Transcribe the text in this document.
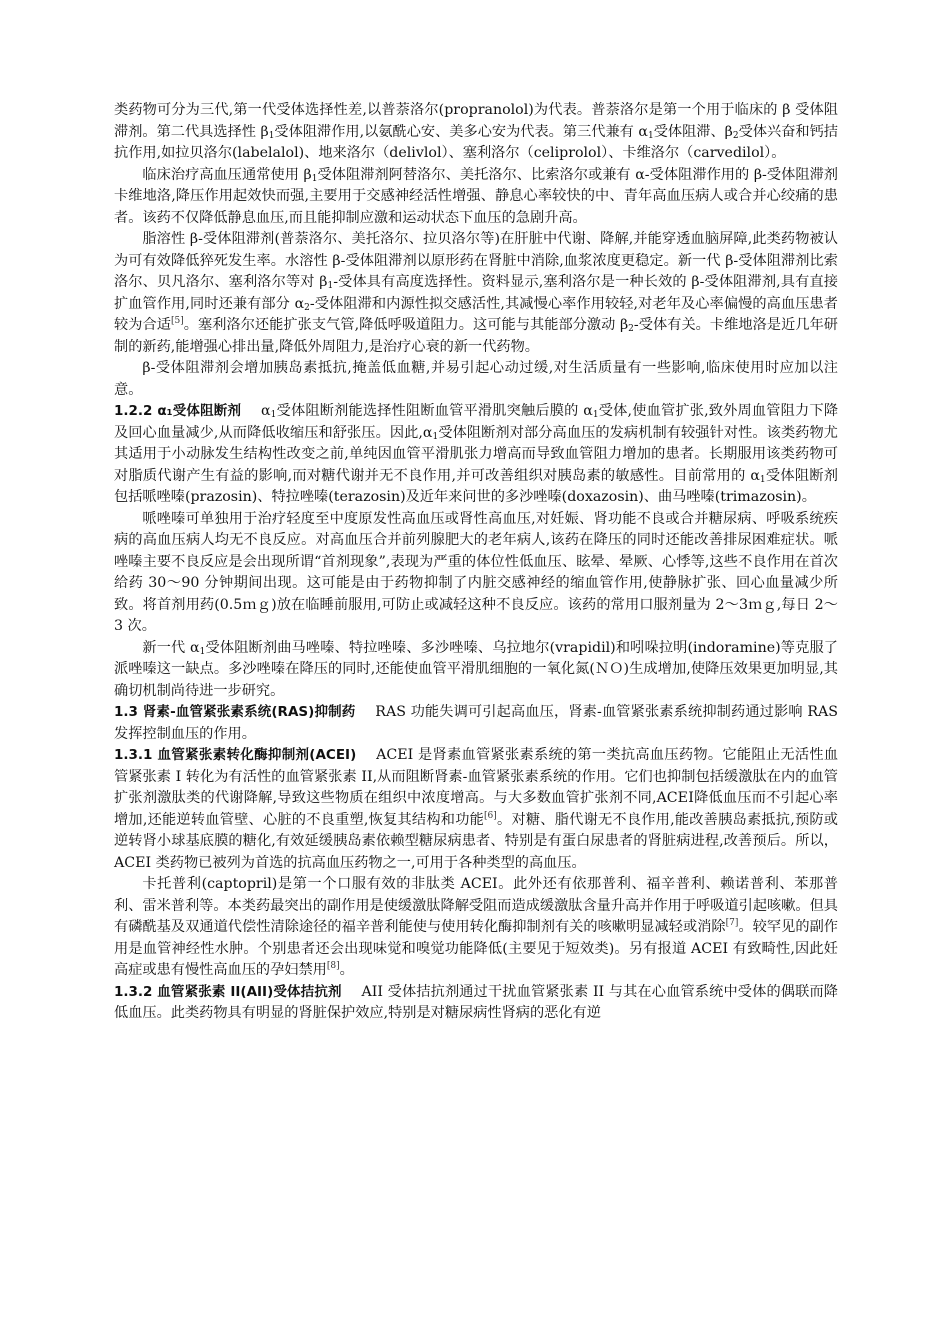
类药物可分为三代,第一代受体选择性差,以普萘洛尔(propranolol)为代表。普萘洛尔是第一个用于临床的 β 受体阻滞剂。第二代具选择性 $\beta_1$受体阻滞作用,以氨酰心安、美多心安为代表。第三代兼有 $\alpha_1$受体阻滞、$\beta_2$受体兴奋和钙拮抗作用,如拉贝洛尔(labelalol)、地来洛尔（delivlol）、塞利洛尔（celiprolol）、卡维洛尔（carvedilol）。

临床治疗高血压通常使用 $\beta_1$受体阻滞剂阿替洛尔、美托洛尔、比索洛尔或兼有 α-受体阻滞作用的 β-受体阻滞剂卡维地洛,降压作用起效快而强,主要用于交感神经活性增强、静息心率较快的中、青年高血压病人或合并心绞痛的患者。该药不仅降低静息血压,而且能抑制应激和运动状态下血压的急剧升高。

脂溶性 β-受体阻滞剂(普萘洛尔、美托洛尔、拉贝洛尔等)在肝脏中代谢、降解,并能穿透血脑屏障,此类药物被认为可有效降低猝死发生率。水溶性 β-受体阻滞剂以原形药在肾脏中消除,血浆浓度更稳定。新一代 β-受体阻滞剂比索洛尔、贝凡洛尔、塞利洛尔等对 $\beta_1-$受体具有高度选择性。资料显示,塞利洛尔是一种长效的 β-受体阻滞剂,具有直接扩血管作用,同时还兼有部分 $\alpha_2-$受体阻滞和内源性拟交感活性,其减慢心率作用较轻,对老年及心率偏慢的高血压患者较为合适[5]。塞利洛尔还能扩张支气管,降低呼吸道阻力。这可能与其能部分激动 $\beta_2-$受体有关。卡维地洛是近几年研制的新药,能增强心排出量,降低外周阻力,是治疗心衰的新一代药物。

β-受体阻滞剂会增加胰岛素抵抗,掩盖低血糖,并易引起心动过缓,对生活质量有一些影响,临床使用时应加以注意。

1.2.2 α₁受体阻断剂 $\alpha_1$受体阻断剂能选择性阻断血管平滑肌突触后膜的 $\alpha_1$受体,使血管扩张,致外周血管阻力下降及回心血量减少,从而降低收缩压和舒张压。因此$,\alpha_1$受体阻断剂对部分高血压的发病机制有较强针对性。该类药物尤其适用于小动脉发生结构性改变之前,单纯因血管平滑肌张力增高而导致血管阻力增加的患者。长期服用该类药物可对脂质代谢产生有益的影响,而对糖代谢并无不良作用,并可改善组织对胰岛素的敏感性。目前常用的 $\alpha_1$受体阻断剂包括哌唑嗪(prazosin)、特拉唑嗪(terazosin)及近年来问世的多沙唑嗪(doxazosin)、曲马唑嗪(trimazosin)。

哌唑嗪可单独用于治疗轻度至中度原发性高血压或肾性高血压,对妊娠、肾功能不良或合并糖尿病、呼吸系统疾病的高血压病人均无不良反应。对高血压合并前列腺肥大的老年病人,该药在降压的同时还能改善排尿困难症状。哌唑嗪主要不良反应是会出现所谓“首剂现象”,表现为严重的体位性低血压、眩晕、晕厥、心悸等,这些不良作用在首次给药 30～90 分钟期间出现。这可能是由于药物抑制了内脏交感神经的缩血管作用,使静脉扩张、回心血量减少所致。将首剂用药(0.5ｍｇ)放在临睡前服用,可防止或减轻这种不良反应。该药的常用口服剂量为 2～3ｍｇ,每日 2～3 次。

新一代 $\alpha_1$受体阻断剂曲马唑嗪、特拉唑嗪、多沙唑嗪、乌拉地尔(vrapidil)和吲哚拉明(indoramine)等克服了派唑嗪这一缺点。多沙唑嗪在降压的同时,还能使血管平滑肌细胞的一氧化氮(ＮＯ)生成增加,使降压效果更加明显,其确切机制尚待进一步研究。

1.3 肾素-血管紧张素系统(RAS)抑制药 RAS 功能失调可引起高血压，肾素-血管紧张素系统抑制药通过影响 RAS 发挥控制血压的作用。

1.3.1 血管紧张素转化酶抑制剂(ACEI) ACEI 是肾素血管紧张素系统的第一类抗高血压药物。它能阻止无活性血管紧张素 I 转化为有活性的血管紧张素 II,从而阻断肾素-血管紧张素系统的作用。它们也抑制包括缓激肽在内的血管扩张剂激肽类的代谢降解,导致这些物质在组织中浓度增高。与大多数血管扩张剂不同,ACEⅠ降低血压而不引起心率增加,还能逆转血管壁、心脏的不良重塑,恢复其结构和功能[6]。对糖、脂代谢无不良作用,能改善胰岛素抵抗,预防或逆转肾小球基底膜的糖化,有效延缓胰岛素依赖型糖尿病患者、特别是有蛋白尿患者的肾脏病进程,改善预后。所以，ACEI 类药物已被列为首选的抗高血压药物之一,可用于各种类型的高血压。

卡托普利(captopril)是第一个口服有效的非肽类 ACEI。此外还有依那普利、福辛普利、赖诺普利、苯那普利、雷米普利等。本类药最突出的副作用是使缓激肽降解受阻而造成缓激肽含量升高并作用于呼吸道引起咳嗽。但具有磷酰基及双通道代偿性清除途径的福辛普利能使与使用转化酶抑制剂有关的咳嗽明显减轻或消除[7]。较罕见的副作用是血管神经性水肿。个别患者还会出现味觉和嗅觉功能降低(主要见于短效类)。另有报道 ACEI 有致畸性,因此妊高症或患有慢性高血压的孕妇禁用[8]。

1.3.2 血管紧张素 II(AII)受体拮抗剂 AII 受体拮抗剂通过干扰血管紧张素 II 与其在心血管系统中受体的偶联而降低血压。此类药物具有明显的肾脏保护效应,特别是对糖尿病性肾病的恶化有逆
